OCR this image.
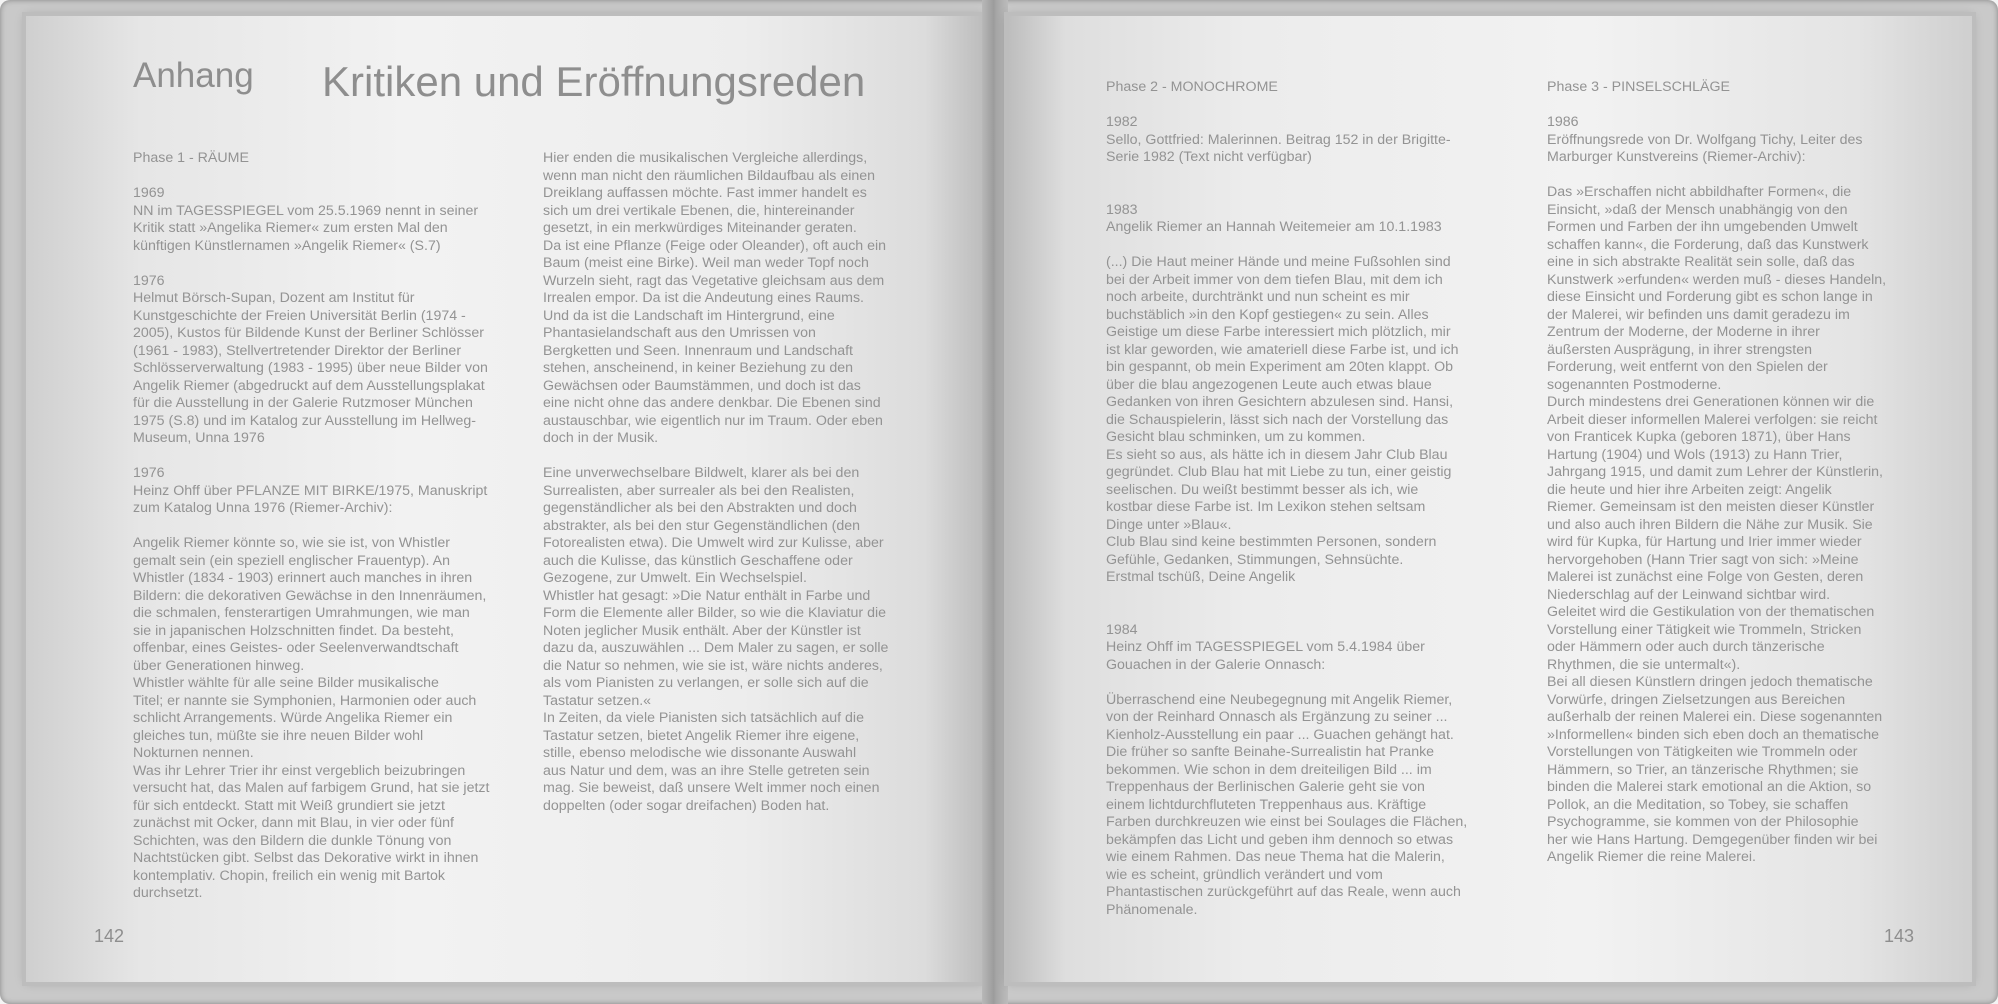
Anhang Kritiken und Eröffnungsreden

Phase 1 - RÄUME

1969

NN im TAGESSPIEGEL vom 25.5.1969 nennt in seiner

Kritik statt »Angelika Riemer« zum ersten Mal den

künftigen Künstlernamen »Angelik Riemer« (S.7)

1976

Helmut Börsch-Supan, Dozent am Institut für

Kunstgeschichte der Freien Universität Berlin (1974 -

2005), Kustos für Bildende Kunst der Berliner Schlösser

(1961 - 1983), Stellvertretender Direktor der Berliner

Schlösserverwaltung (1983 - 1995) über neue Bilder von

Angelik Riemer (abgedruckt auf dem Ausstellungsplakat

für die Ausstellung in der Galerie Rutzmoser München

1975 (S.8) und im Katalog zur Ausstellung im Hellweg-

Museum, Unna 1976

1976

Heinz Ohff über PFLANZE MIT BIRKE/1975, Manuskript

zum Katalog Unna 1976 (Riemer-Archiv):

Angelik Riemer könnte so, wie sie ist, von Whistler

gemalt sein (ein speziell englischer Frauentyp). An

Whistler (1834 - 1903) erinnert auch manches in ihren

Bildern: die dekorativen Gewächse in den Innenräumen,

die schmalen, fensterartigen Umrahmungen, wie man

sie in japanischen Holzschnitten findet. Da besteht,

offenbar, eines Geistes- oder Seelenverwandtschaft

über Generationen hinweg.

Whistler wählte für alle seine Bilder musikalische

Titel; er nannte sie Symphonien, Harmonien oder auch

schlicht Arrangements. Würde Angelika Riemer ein

gleiches tun, müßte sie ihre neuen Bilder wohl

Nokturnen nennen.

Was ihr Lehrer Trier ihr einst vergeblich beizubringen

versucht hat, das Malen auf farbigem Grund, hat sie jetzt

für sich entdeckt. Statt mit Weiß grundiert sie jetzt

zunächst mit Ocker, dann mit Blau, in vier oder fünf

Schichten, was den Bildern die dunkle Tönung von

Nachtstücken gibt. Selbst das Dekorative wirkt in ihnen

kontemplativ. Chopin, freilich ein wenig mit Bartok

durchsetzt.

Hier enden die musikalischen Vergleiche allerdings,

wenn man nicht den räumlichen Bildaufbau als einen

Dreiklang auffassen möchte. Fast immer handelt es

sich um drei vertikale Ebenen, die, hintereinander

gesetzt, in ein merkwürdiges Miteinander geraten.

Da ist eine Pflanze (Feige oder Oleander), oft auch ein

Baum (meist eine Birke). Weil man weder Topf noch

Wurzeln sieht, ragt das Vegetative gleichsam aus dem

Irrealen empor. Da ist die Andeutung eines Raums.

Und da ist die Landschaft im Hintergrund, eine

Phantasielandschaft aus den Umrissen von

Bergketten und Seen. Innenraum und Landschaft

stehen, anscheinend, in keiner Beziehung zu den

Gewächsen oder Baumstämmen, und doch ist das

eine nicht ohne das andere denkbar. Die Ebenen sind

austauschbar, wie eigentlich nur im Traum. Oder eben

doch in der Musik.

Eine unverwechselbare Bildwelt, klarer als bei den

Surrealisten, aber surrealer als bei den Realisten,

gegenständlicher als bei den Abstrakten und doch

abstrakter, als bei den stur Gegenständlichen (den

Fotorealisten etwa). Die Umwelt wird zur Kulisse, aber

auch die Kulisse, das künstlich Geschaffene oder

Gezogene, zur Umwelt. Ein Wechselspiel.

Whistler hat gesagt: »Die Natur enthält in Farbe und

Form die Elemente aller Bilder, so wie die Klaviatur die

Noten jeglicher Musik enthält. Aber der Künstler ist

dazu da, auszuwählen ... Dem Maler zu sagen, er solle

die Natur so nehmen, wie sie ist, wäre nichts anderes,

als vom Pianisten zu verlangen, er solle sich auf die

Tastatur setzen.«

In Zeiten, da viele Pianisten sich tatsächlich auf die

Tastatur setzen, bietet Angelik Riemer ihre eigene,

stille, ebenso melodische wie dissonante Auswahl

aus Natur und dem, was an ihre Stelle getreten sein

mag. Sie beweist, daß unsere Welt immer noch einen

doppelten (oder sogar dreifachen) Boden hat.

Phase 2 - MONOCHROME

1982

Sello, Gottfried: Malerinnen. Beitrag 152 in der Brigitte-

Serie 1982 (Text nicht verfügbar)

1983

Angelik Riemer an Hannah Weitemeier am 10.1.1983

(...) Die Haut meiner Hände und meine Fußsohlen sind

bei der Arbeit immer von dem tiefen Blau, mit dem ich

noch arbeite, durchtränkt und nun scheint es mir

buchstäblich »in den Kopf gestiegen« zu sein. Alles

Geistige um diese Farbe interessiert mich plötzlich, mir

ist klar geworden, wie amateriell diese Farbe ist, und ich

bin gespannt, ob mein Experiment am 20ten klappt. Ob

über die blau angezogenen Leute auch etwas blaue

Gedanken von ihren Gesichtern abzulesen sind. Hansi,

die Schauspielerin, lässt sich nach der Vorstellung das

Gesicht blau schminken, um zu kommen.

Es sieht so aus, als hätte ich in diesem Jahr Club Blau

gegründet. Club Blau hat mit Liebe zu tun, einer geistig

seelischen. Du weißt bestimmt besser als ich, wie

kostbar diese Farbe ist. Im Lexikon stehen seltsam

Dinge unter »Blau«.

Club Blau sind keine bestimmten Personen, sondern

Gefühle, Gedanken, Stimmungen, Sehnsüchte.

Erstmal tschüß, Deine Angelik

1984

Heinz Ohff im TAGESSPIEGEL vom 5.4.1984 über

Gouachen in der Galerie Onnasch:

Überraschend eine Neubegegnung mit Angelik Riemer,

von der Reinhard Onnasch als Ergänzung zu seiner ...

Kienholz-Ausstellung ein paar ... Guachen gehängt hat.

Die früher so sanfte Beinahe-Surrealistin hat Pranke

bekommen. Wie schon in dem dreiteiligen Bild ... im

Treppenhaus der Berlinischen Galerie geht sie von

einem lichtdurchfluteten Treppenhaus aus. Kräftige

Farben durchkreuzen wie einst bei Soulages die Flächen,

bekämpfen das Licht und geben ihm dennoch so etwas

wie einem Rahmen. Das neue Thema hat die Malerin,

wie es scheint, gründlich verändert und vom

Phantastischen zurückgeführt auf das Reale, wenn auch

Phänomenale.

Phase 3 - PINSELSCHLÄGE

1986

Eröffnungsrede von Dr. Wolfgang Tichy, Leiter des

Marburger Kunstvereins (Riemer-Archiv):

Das »Erschaffen nicht abbildhafter Formen«, die

Einsicht, »daß der Mensch unabhängig von den

Formen und Farben der ihn umgebenden Umwelt

schaffen kann«, die Forderung, daß das Kunstwerk

eine in sich abstrakte Realität sein solle, daß das

Kunstwerk »erfunden« werden muß - dieses Handeln,

diese Einsicht und Forderung gibt es schon lange in

der Malerei, wir befinden uns damit geradezu im

Zentrum der Moderne, der Moderne in ihrer

äußersten Ausprägung, in ihrer strengsten

Forderung, weit entfernt von den Spielen der

sogenannten Postmoderne.

Durch mindestens drei Generationen können wir die

Arbeit dieser informellen Malerei verfolgen: sie reicht

von Franticek Kupka (geboren 1871), über Hans

Hartung (1904) und Wols (1913) zu Hann Trier,

Jahrgang 1915, und damit zum Lehrer der Künstlerin,

die heute und hier ihre Arbeiten zeigt: Angelik

Riemer. Gemeinsam ist den meisten dieser Künstler

und also auch ihren Bildern die Nähe zur Musik. Sie

wird für Kupka, für Hartung und Irier immer wieder

hervorgehoben (Hann Trier sagt von sich: »Meine

Malerei ist zunächst eine Folge von Gesten, deren

Niederschlag auf der Leinwand sichtbar wird.

Geleitet wird die Gestikulation von der thematischen

Vorstellung einer Tätigkeit wie Trommeln, Stricken

oder Hämmern oder auch durch tänzerische

Rhythmen, die sie untermalt«).

Bei all diesen Künstlern dringen jedoch thematische

Vorwürfe, dringen Zielsetzungen aus Bereichen

außerhalb der reinen Malerei ein. Diese sogenannten

»Informellen« binden sich eben doch an thematische

Vorstellungen von Tätigkeiten wie Trommeln oder

Hämmern, so Trier, an tänzerische Rhythmen; sie

binden die Malerei stark emotional an die Aktion, so

Pollok, an die Meditation, so Tobey, sie schaffen

Psychogramme, sie kommen von der Philosophie

her wie Hans Hartung. Demgegenüber finden wir bei

Angelik Riemer die reine Malerei.

142	143
